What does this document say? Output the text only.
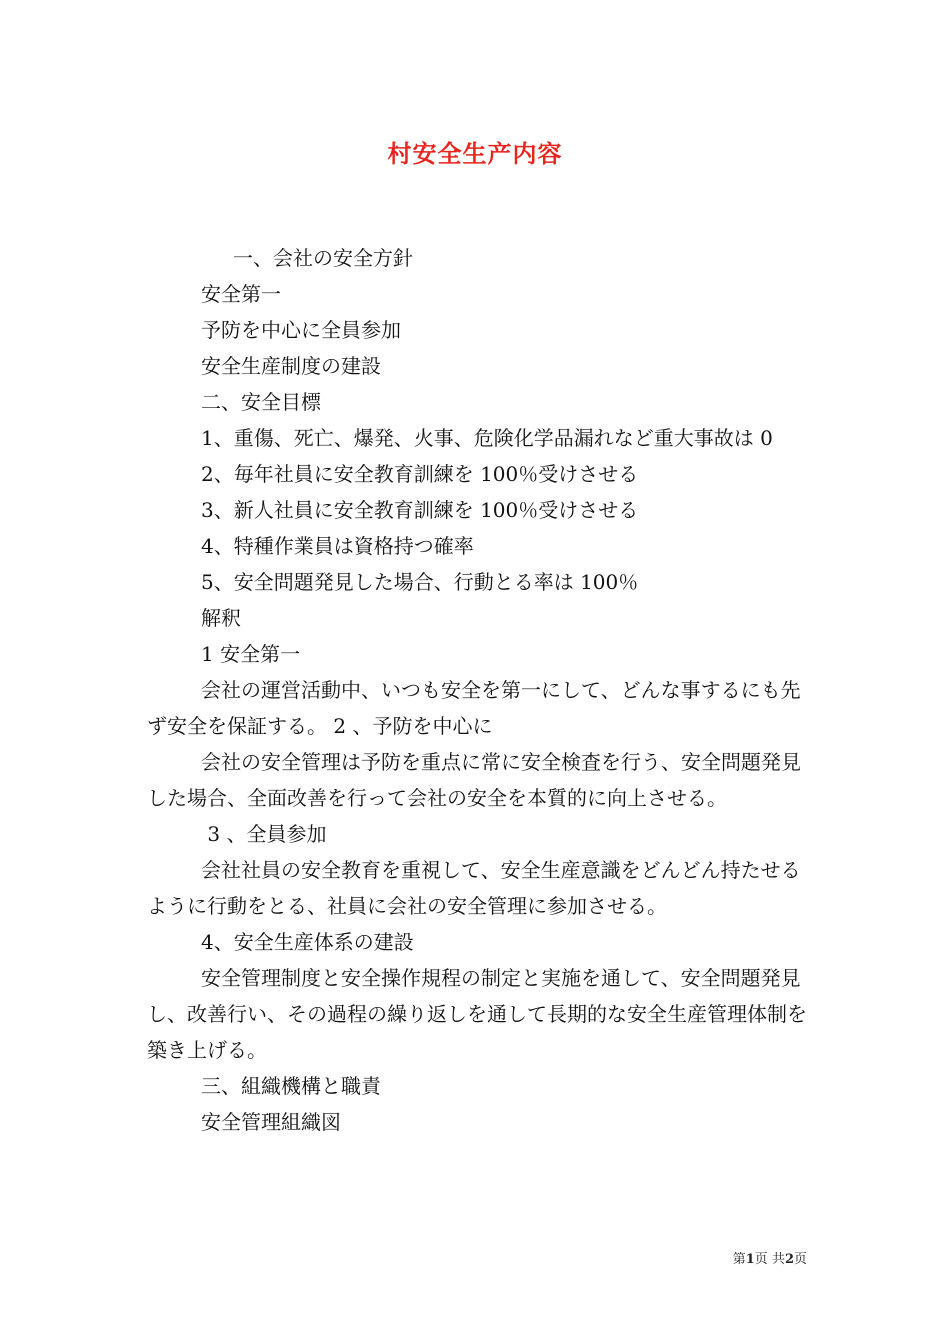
村安全生产内容

一、会社の安全方針

安全第一

予防を中心に全員参加

安全生産制度の建設

二、安全目標

1、重傷、死亡、爆発、火事、危険化学品漏れなど重大事故は 0

2、毎年社員に安全教育訓練を 100％受けさせる

3、新人社員に安全教育訓練を 100％受けさせる

4、特種作業員は資格持つ確率

5、安全問題発見した場合、行動とる率は 100％

解釈

1 安全第一

会社の運営活動中、いつも安全を第一にして、どんな事するにも先ず安全を保証する。 2 、予防を中心に

会社の安全管理は予防を重点に常に安全検査を行う、安全問題発見した場合、全面改善を行って会社の安全を本質的に向上させる。

3 、全員参加

会社社員の安全教育を重視して、安全生産意識をどんどん持たせるように行動をとる、社員に会社の安全管理に参加させる。

4、安全生産体系の建設

安全管理制度と安全操作規程の制定と実施を通して、安全問題発見し、改善行い、その過程の繰り返しを通して長期的な安全生産管理体制を築き上げる。

三、組織機構と職責

安全管理組織図

第1页 共2页
